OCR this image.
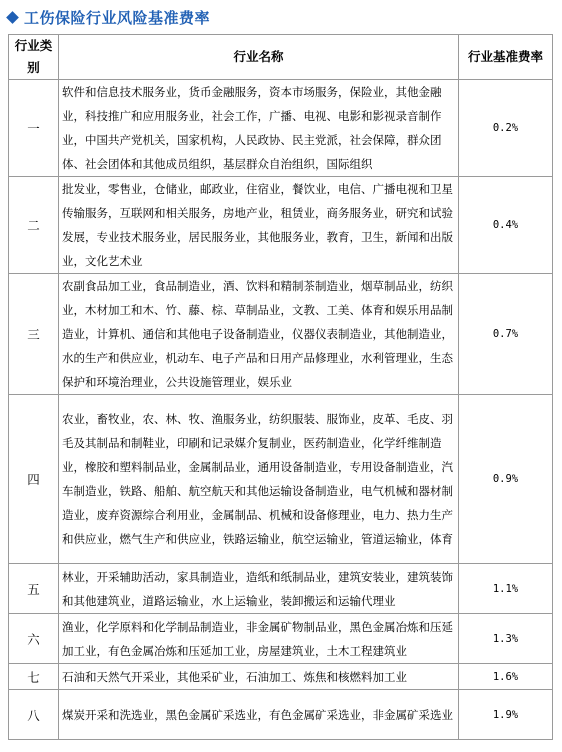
工伤保险行业风险基准费率
行业类别	行业名称	行业基准费率
一	软件和信息技术服务业，货币金融服务，资本市场服务，保险业，其他金融业，科技推广和应用服务业，社会工作，广播、电视、电影和影视录音制作业，中国共产党机关，国家机构，人民政协、民主党派，社会保障，群众团体、社会团体和其他成员组织，基层群众自治组织，国际组织	0.2%
二	批发业，零售业，仓储业，邮政业，住宿业，餐饮业，电信、广播电视和卫星传输服务，互联网和相关服务，房地产业，租赁业，商务服务业，研究和试验发展，专业技术服务业，居民服务业，其他服务业，教育，卫生，新闻和出版业，文化艺术业	0.4%
三	农副食品加工业，食品制造业，酒、饮料和精制茶制造业，烟草制品业，纺织业，木材加工和木、竹、藤、棕、草制品业，文教、工美、体育和娱乐用品制造业，计算机、通信和其他电子设备制造业，仪器仪表制造业，其他制造业，水的生产和供应业，机动车、电子产品和日用产品修理业，水利管理业，生态保护和环境治理业，公共设施管理业，娱乐业	0.7%
四	农业，畜牧业，农、林、牧、渔服务业，纺织服装、服饰业，皮革、毛皮、羽毛及其制品和制鞋业，印刷和记录媒介复制业，医药制造业，化学纤维制造业，橡胶和塑料制品业，金属制品业，通用设备制造业，专用设备制造业，汽车制造业，铁路、船舶、航空航天和其他运输设备制造业，电气机械和器材制造业，废弃资源综合利用业，金属制品、机械和设备修理业，电力、热力生产和供应业，燃气生产和供应业，铁路运输业，航空运输业，管道运输业，体育	0.9%
五	林业，开采辅助活动，家具制造业，造纸和纸制品业，建筑安装业，建筑装饰和其他建筑业，道路运输业，水上运输业，装卸搬运和运输代理业	1.1%
六	渔业，化学原料和化学制品制造业，非金属矿物制品业，黑色金属冶炼和压延加工业，有色金属冶炼和压延加工业，房屋建筑业，土木工程建筑业	1.3%
七	石油和天然气开采业，其他采矿业，石油加工、炼焦和核燃料加工业	1.6%
八	煤炭开采和洗选业，黑色金属矿采选业，有色金属矿采选业，非金属矿采选业	1.9%
